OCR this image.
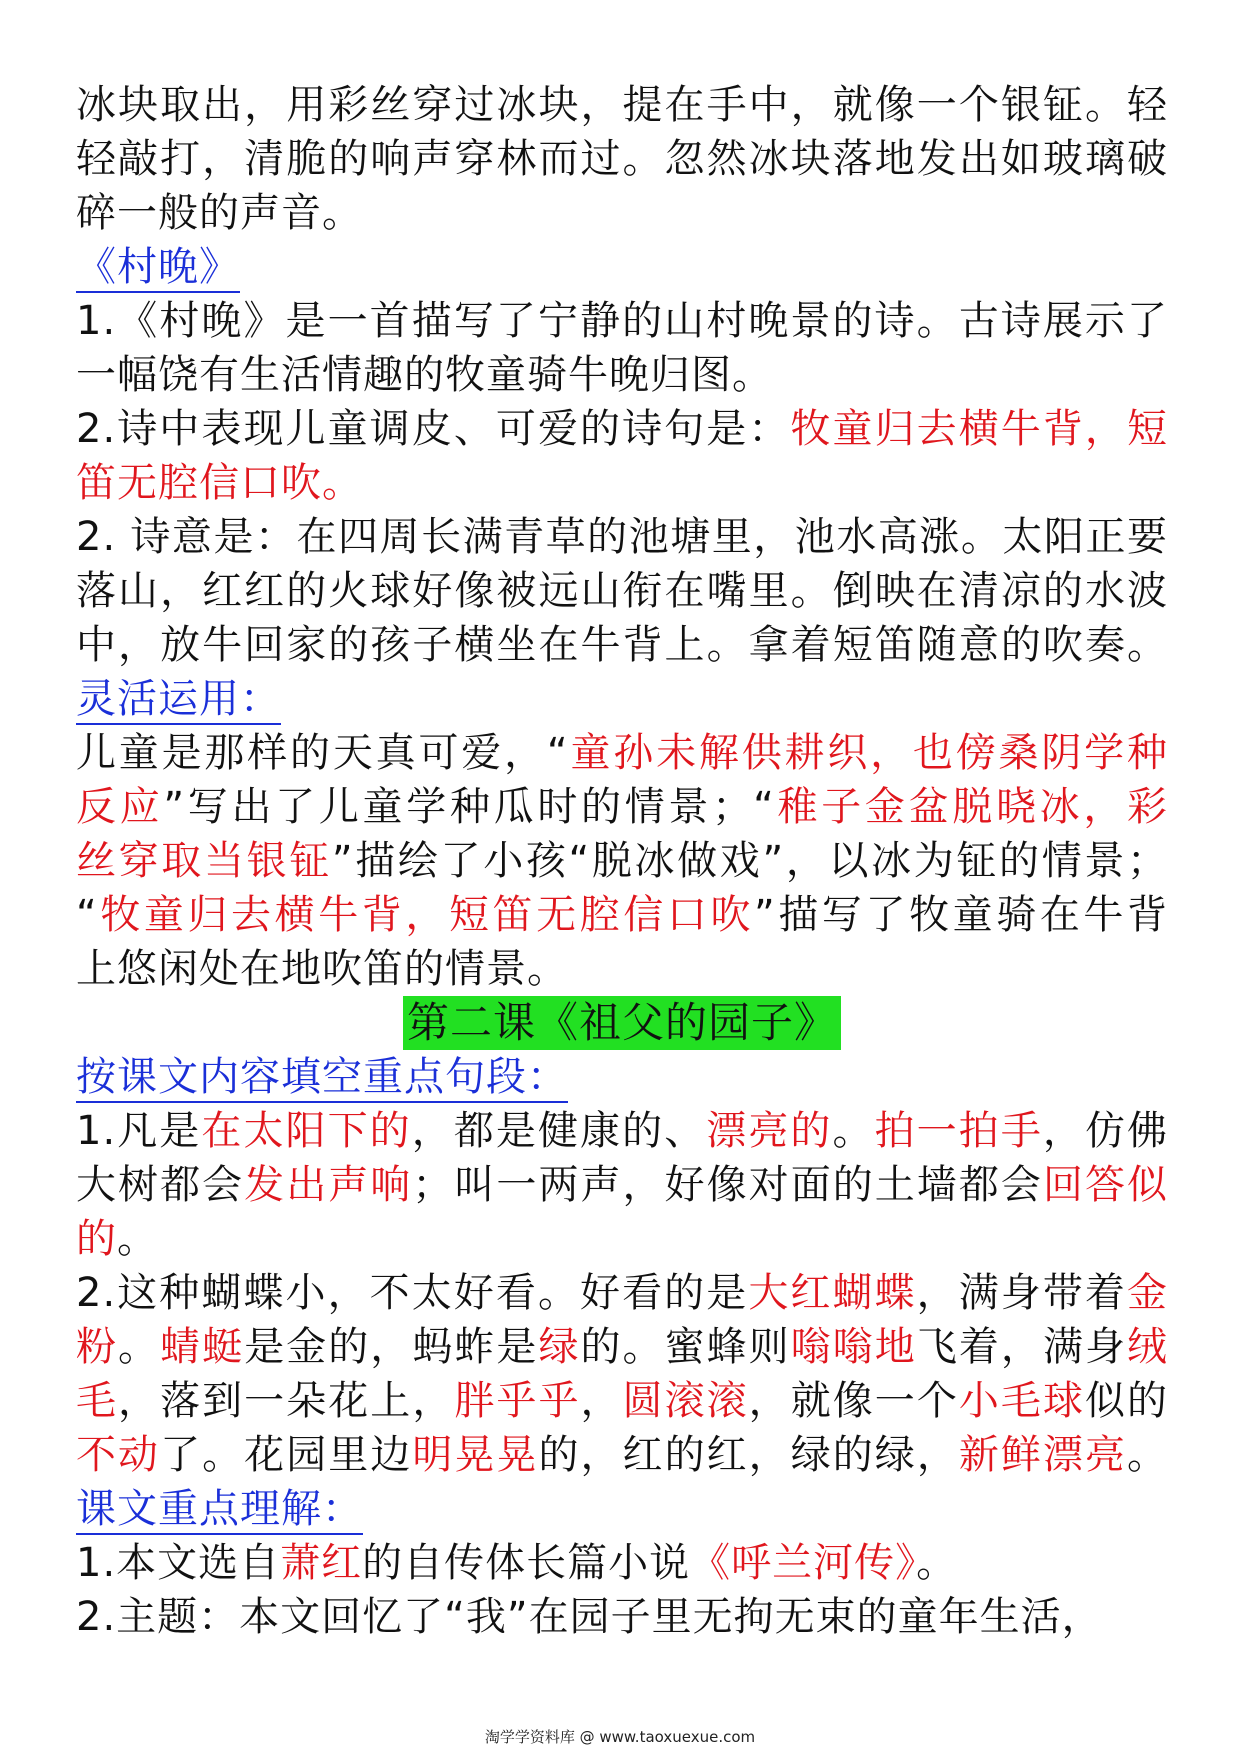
冰块取出，用彩丝穿过冰块，提在手中，就像一个银钲。轻
轻敲打，清脆的响声穿林而过。忽然冰块落地发出如玻璃破
碎一般的声音。
《村晚》
1.《村晚》是一首描写了宁静的山村晚景的诗。古诗展示了
一幅饶有生活情趣的牧童骑牛晚归图。
2.诗中表现儿童调皮、可爱的诗句是：牧童归去横牛背，短
笛无腔信口吹。
2. 诗意是：在四周长满青草的池塘里，池水高涨。太阳正要
落山，红红的火球好像被远山衔在嘴里。倒映在清凉的水波
中，放牛回家的孩子横坐在牛背上。拿着短笛随意的吹奏。
灵活运用：
儿童是那样的天真可爱，“童孙未解供耕织，也傍桑阴学种
反应”写出了儿童学种瓜时的情景；“稚子金盆脱晓冰，彩
丝穿取当银钲”描绘了小孩“脱冰做戏”，以冰为钲的情景；
“牧童归去横牛背，短笛无腔信口吹”描写了牧童骑在牛背
上悠闲处在地吹笛的情景。
第二课《祖父的园子》
按课文内容填空重点句段：
1.凡是在太阳下的，都是健康的、漂亮的。拍一拍手，仿佛
大树都会发出声响；叫一两声，好像对面的土墙都会回答似
的。
2.这种蝴蝶小，不太好看。好看的是大红蝴蝶，满身带着金
粉。蜻蜓是金的，蚂蚱是绿的。蜜蜂则嗡嗡地飞着，满身绒
毛，落到一朵花上，胖乎乎，圆滚滚，就像一个小毛球似的
不动了。花园里边明晃晃的，红的红，绿的绿，新鲜漂亮。
课文重点理解：
1.本文选自萧红的自传体长篇小说《呼兰河传》。
2.主题：本文回忆了“我”在园子里无拘无束的童年生活，
淘学学资料库 @ www.taoxuexue.com
